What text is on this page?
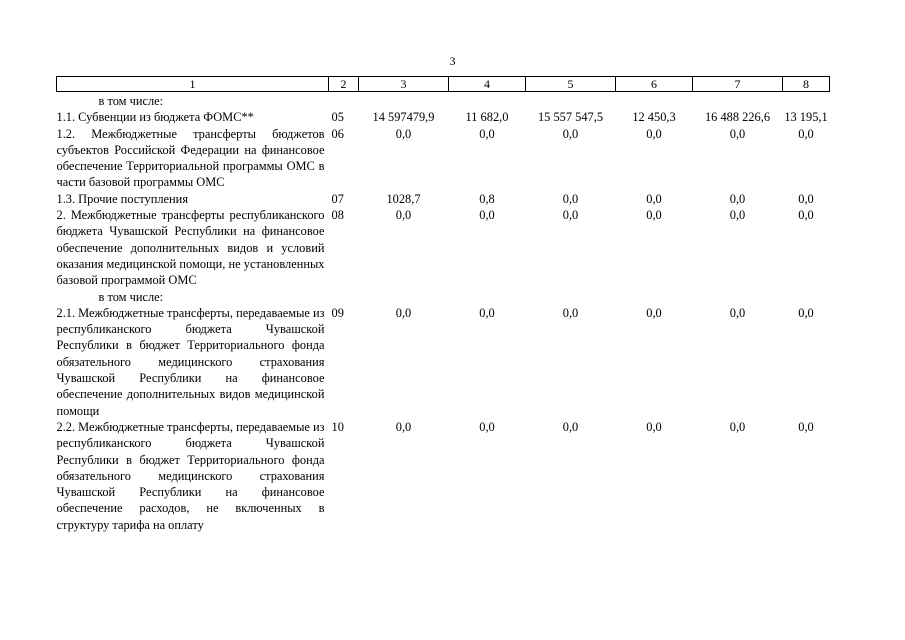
3
1	2	3	4	5	6	7	8
в том числе:							
1.1. Субвенции из бюджета ФОМС**	05	14 597479,9	11 682,0	15 557 547,5	12 450,3	16 488 226,6	13 195,1
1.2. Межбюджетные трансферты бюджетов субъектов Российской Федерации на финансовое обеспечение Территориальной программы ОМС в части базовой программы ОМС	06	0,0	0,0	0,0	0,0	0,0	0,0
1.3. Прочие поступления	07	1028,7	0,8	0,0	0,0	0,0	0,0
2. Межбюджетные трансферты республиканского бюджета Чувашской Республики на финансовое обеспечение дополнительных видов и условий оказания медицинской помощи, не установленных базовой программой ОМС	08	0,0	0,0	0,0	0,0	0,0	0,0
в том числе:							
2.1. Межбюджетные трансферты, передаваемые из республиканского бюджета Чувашской Республики в бюджет Территориального фонда обязательного медицинского страхования Чувашской Республики на финансовое обеспечение дополнительных видов медицинской помощи	09	0,0	0,0	0,0	0,0	0,0	0,0
2.2. Межбюджетные трансферты, передаваемые из республиканского бюджета Чувашской Республики в бюджет Территориального фонда обязательного медицинского страхования Чувашской Республики на финансовое обеспечение расходов, не включенных в структуру тарифа на оплату	10	0,0	0,0	0,0	0,0	0,0	0,0
